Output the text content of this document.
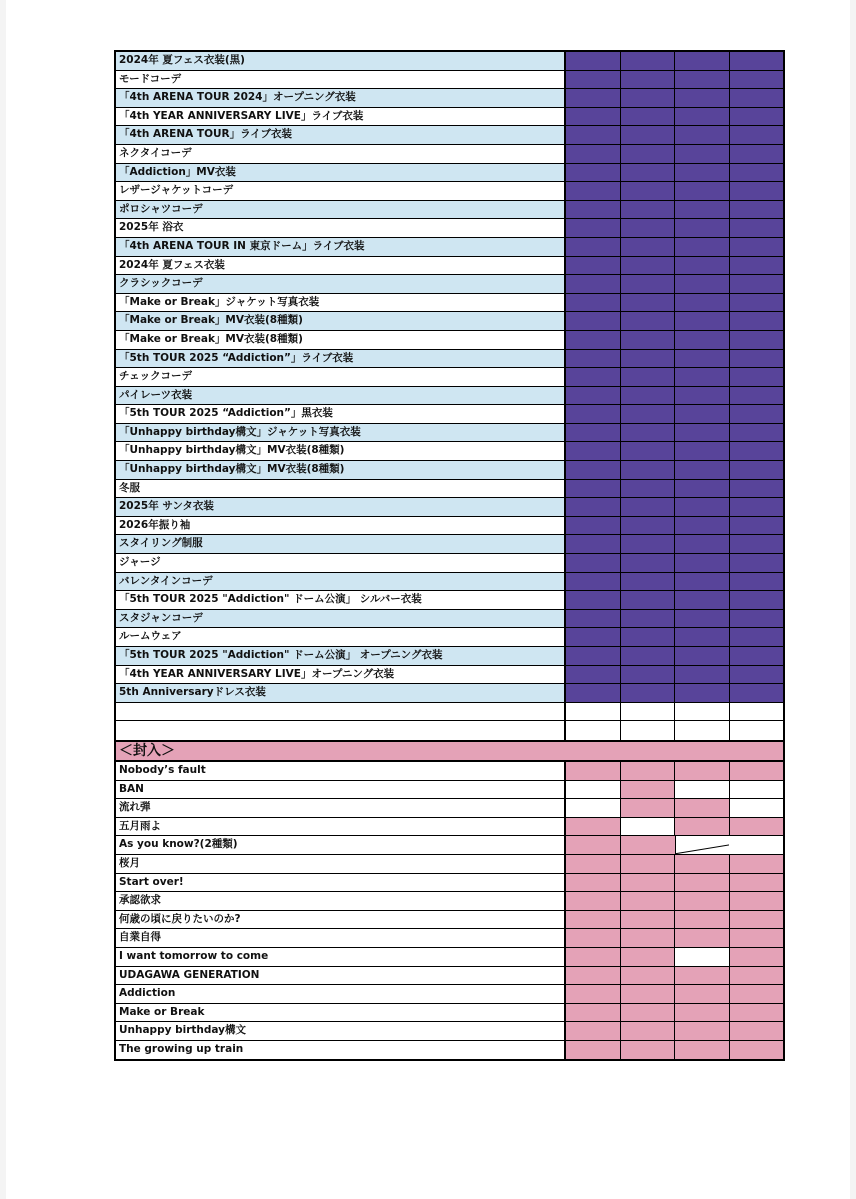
2024年 夏フェス衣装(黒)
モードコーデ
「4th ARENA TOUR 2024」オープニング衣装
「4th YEAR ANNIVERSARY LIVE」ライブ衣装
「4th ARENA TOUR」ライブ衣装
ネクタイコーデ
「Addiction」MV衣装
レザージャケットコーデ
ポロシャツコーデ
2025年 浴衣
「4th ARENA TOUR IN 東京ドーム」ライブ衣装
2024年 夏フェス衣装
クラシックコーデ
「Make or Break」ジャケット写真衣装
「Make or Break」MV衣装(8種類)
「Make or Break」MV衣装(8種類)
「5th TOUR 2025 “Addiction”」ライブ衣装
チェックコーデ
パイレーツ衣装
「5th TOUR 2025 “Addiction”」黒衣装
「Unhappy birthday構文」ジャケット写真衣装
「Unhappy birthday構文」MV衣装(8種類)
「Unhappy birthday構文」MV衣装(8種類)
冬服
2025年 サンタ衣装
2026年振り袖
スタイリング制服
ジャージ
バレンタインコーデ
「5th TOUR 2025 "Addiction" ドーム公演」 シルバー衣装
スタジャンコーデ
ルームウェア
「5th TOUR 2025 "Addiction" ドーム公演」 オープニング衣装
「4th YEAR ANNIVERSARY LIVE」オープニング衣装
5th Anniversaryドレス衣装
＜封入＞
Nobody’s fault
BAN
流れ弾
五月雨よ
As you know?(2種類)
桜月
Start over!
承認欲求
何歳の頃に戻りたいのか?
自業自得
I want tomorrow to come
UDAGAWA GENERATION
Addiction
Make or Break
Unhappy birthday構文
The growing up train
